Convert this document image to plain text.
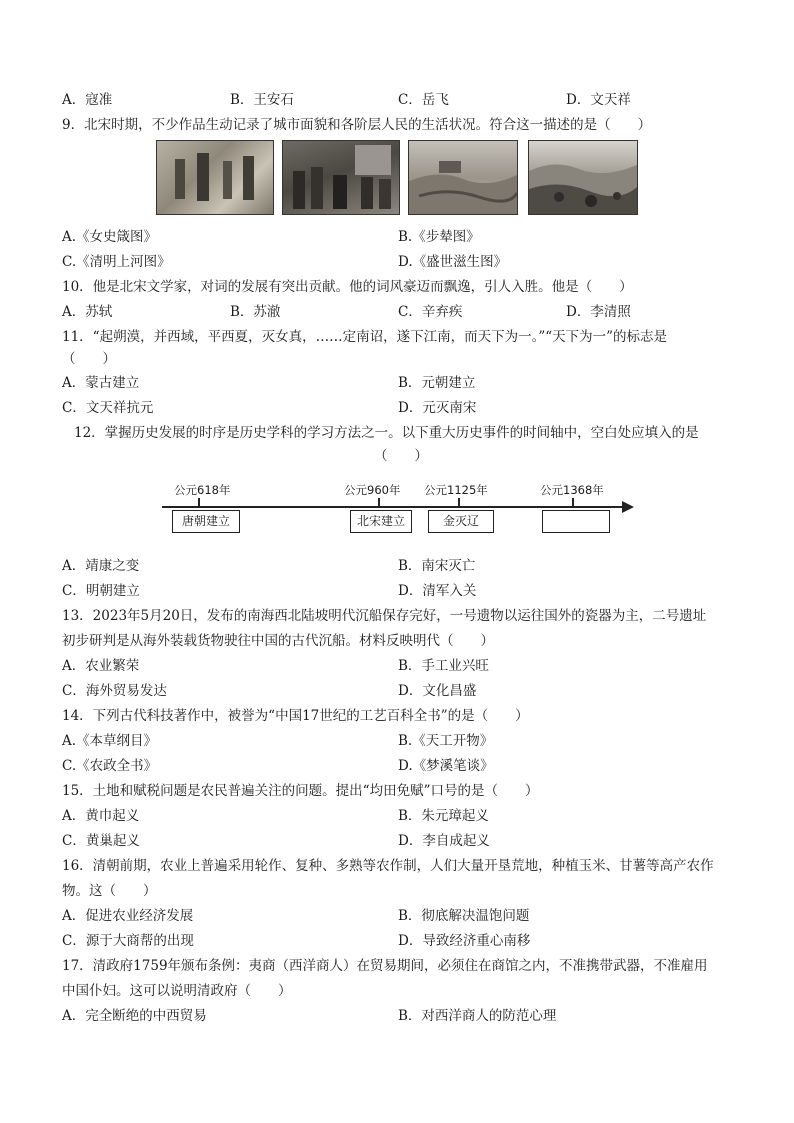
A．寇准	B．王安石	C．岳飞	D．文天祥
9．北宋时期，不少作品生动记录了城市面貌和各阶层人民的生活状况。符合这一描述的是（　　）
A.《女史箴图》	B.《步辇图》
C.《清明上河图》	D.《盛世滋生图》
10．他是北宋文学家，对词的发展有突出贡献。他的词风豪迈而飘逸，引人入胜。他是（　　）
A．苏轼	B．苏澈	C．辛弃疾	D．李清照
11．“起朔漠，并西域，平西夏，灭女真，……定南诏，遂下江南，而天下为一。”“天下为一”的标志是
（　　）
A．蒙古建立	B．元朝建立
C．文天祥抗元	D．元灭南宋
12．掌握历史发展的时序是历史学科的学习方法之一。以下重大历史事件的时间轴中，空白处应填入的是
（　　）
公元618年
唐朝建立
公元960年
北宋建立
公元1125年
金灭辽
公元1368年
A．靖康之变	B．南宋灭亡
C．明朝建立	D．清军入关
13．2023年5月20日，发布的南海西北陆坡明代沉船保存完好，一号遗物以运往国外的瓷器为主，二号遗址
初步研判是从海外装载货物驶往中国的古代沉船。材料反映明代（　　）
A．农业繁荣	B．手工业兴旺
C．海外贸易发达	D．文化昌盛
14．下列古代科技著作中，被誉为“中国17世纪的工艺百科全书”的是（　　）
A.《本草纲目》	B.《天工开物》
C.《农政全书》	D.《梦溪笔谈》
15．土地和赋税问题是农民普遍关注的问题。提出“均田免赋”口号的是（　　）
A．黄巾起义	B．朱元璋起义
C．黄巢起义	D．李自成起义
16．清朝前期，农业上普遍采用轮作、复种、多熟等农作制，人们大量开垦荒地，种植玉米、甘薯等高产农作
物。这（　　）
A．促进农业经济发展	B．彻底解决温饱问题
C．源于大商帮的出现	D．导致经济重心南移
17．清政府1759年颁布条例：夷商（西洋商人）在贸易期间，必须住在商馆之内，不准携带武器，不准雇用
中国仆妇。这可以说明清政府（　　）
A．完全断绝的中西贸易	B．对西洋商人的防范心理
